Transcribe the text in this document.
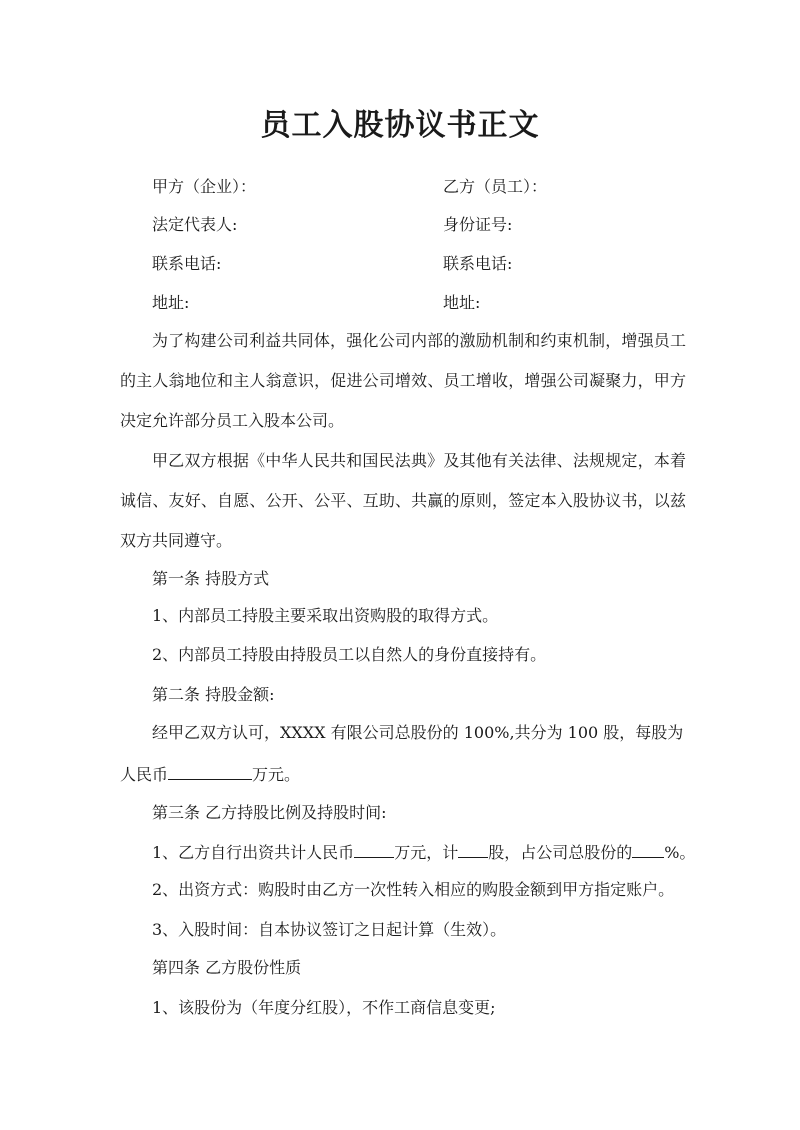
员工入股协议书正文
甲方（企业）：	乙方（员工）：
法定代表人:	身份证号:
联系电话:	联系电话:
地址:	地址:
为了构建公司利益共同体，强化公司内部的激励机制和约束机制，增强员工的主人翁地位和主人翁意识，促进公司增效、员工增收，增强公司凝聚力，甲方决定允许部分员工入股本公司。
甲乙双方根据《中华人民共和国民法典》及其他有关法律、法规规定，本着诚信、友好、自愿、公开、公平、互助、共赢的原则，签定本入股协议书，以兹双方共同遵守。
第一条 持股方式
1、内部员工持股主要采取出资购股的取得方式。
2、内部员工持股由持股员工以自然人的身份直接持有。
第二条 持股金额:
经甲乙双方认可，XXXX 有限公司总股份的 100%,共分为 100 股，每股为
人民币	万元。
第三条 乙方持股比例及持股时间:
1、乙方自行出资共计人民币	万元，计 股，占公司总股份的 %。
2、出资方式：购股时由乙方一次性转入相应的购股金额到甲方指定账户。
3、入股时间：自本协议签订之日起计算（生效）。
第四条 乙方股份性质
1、该股份为（年度分红股），不作工商信息变更;
